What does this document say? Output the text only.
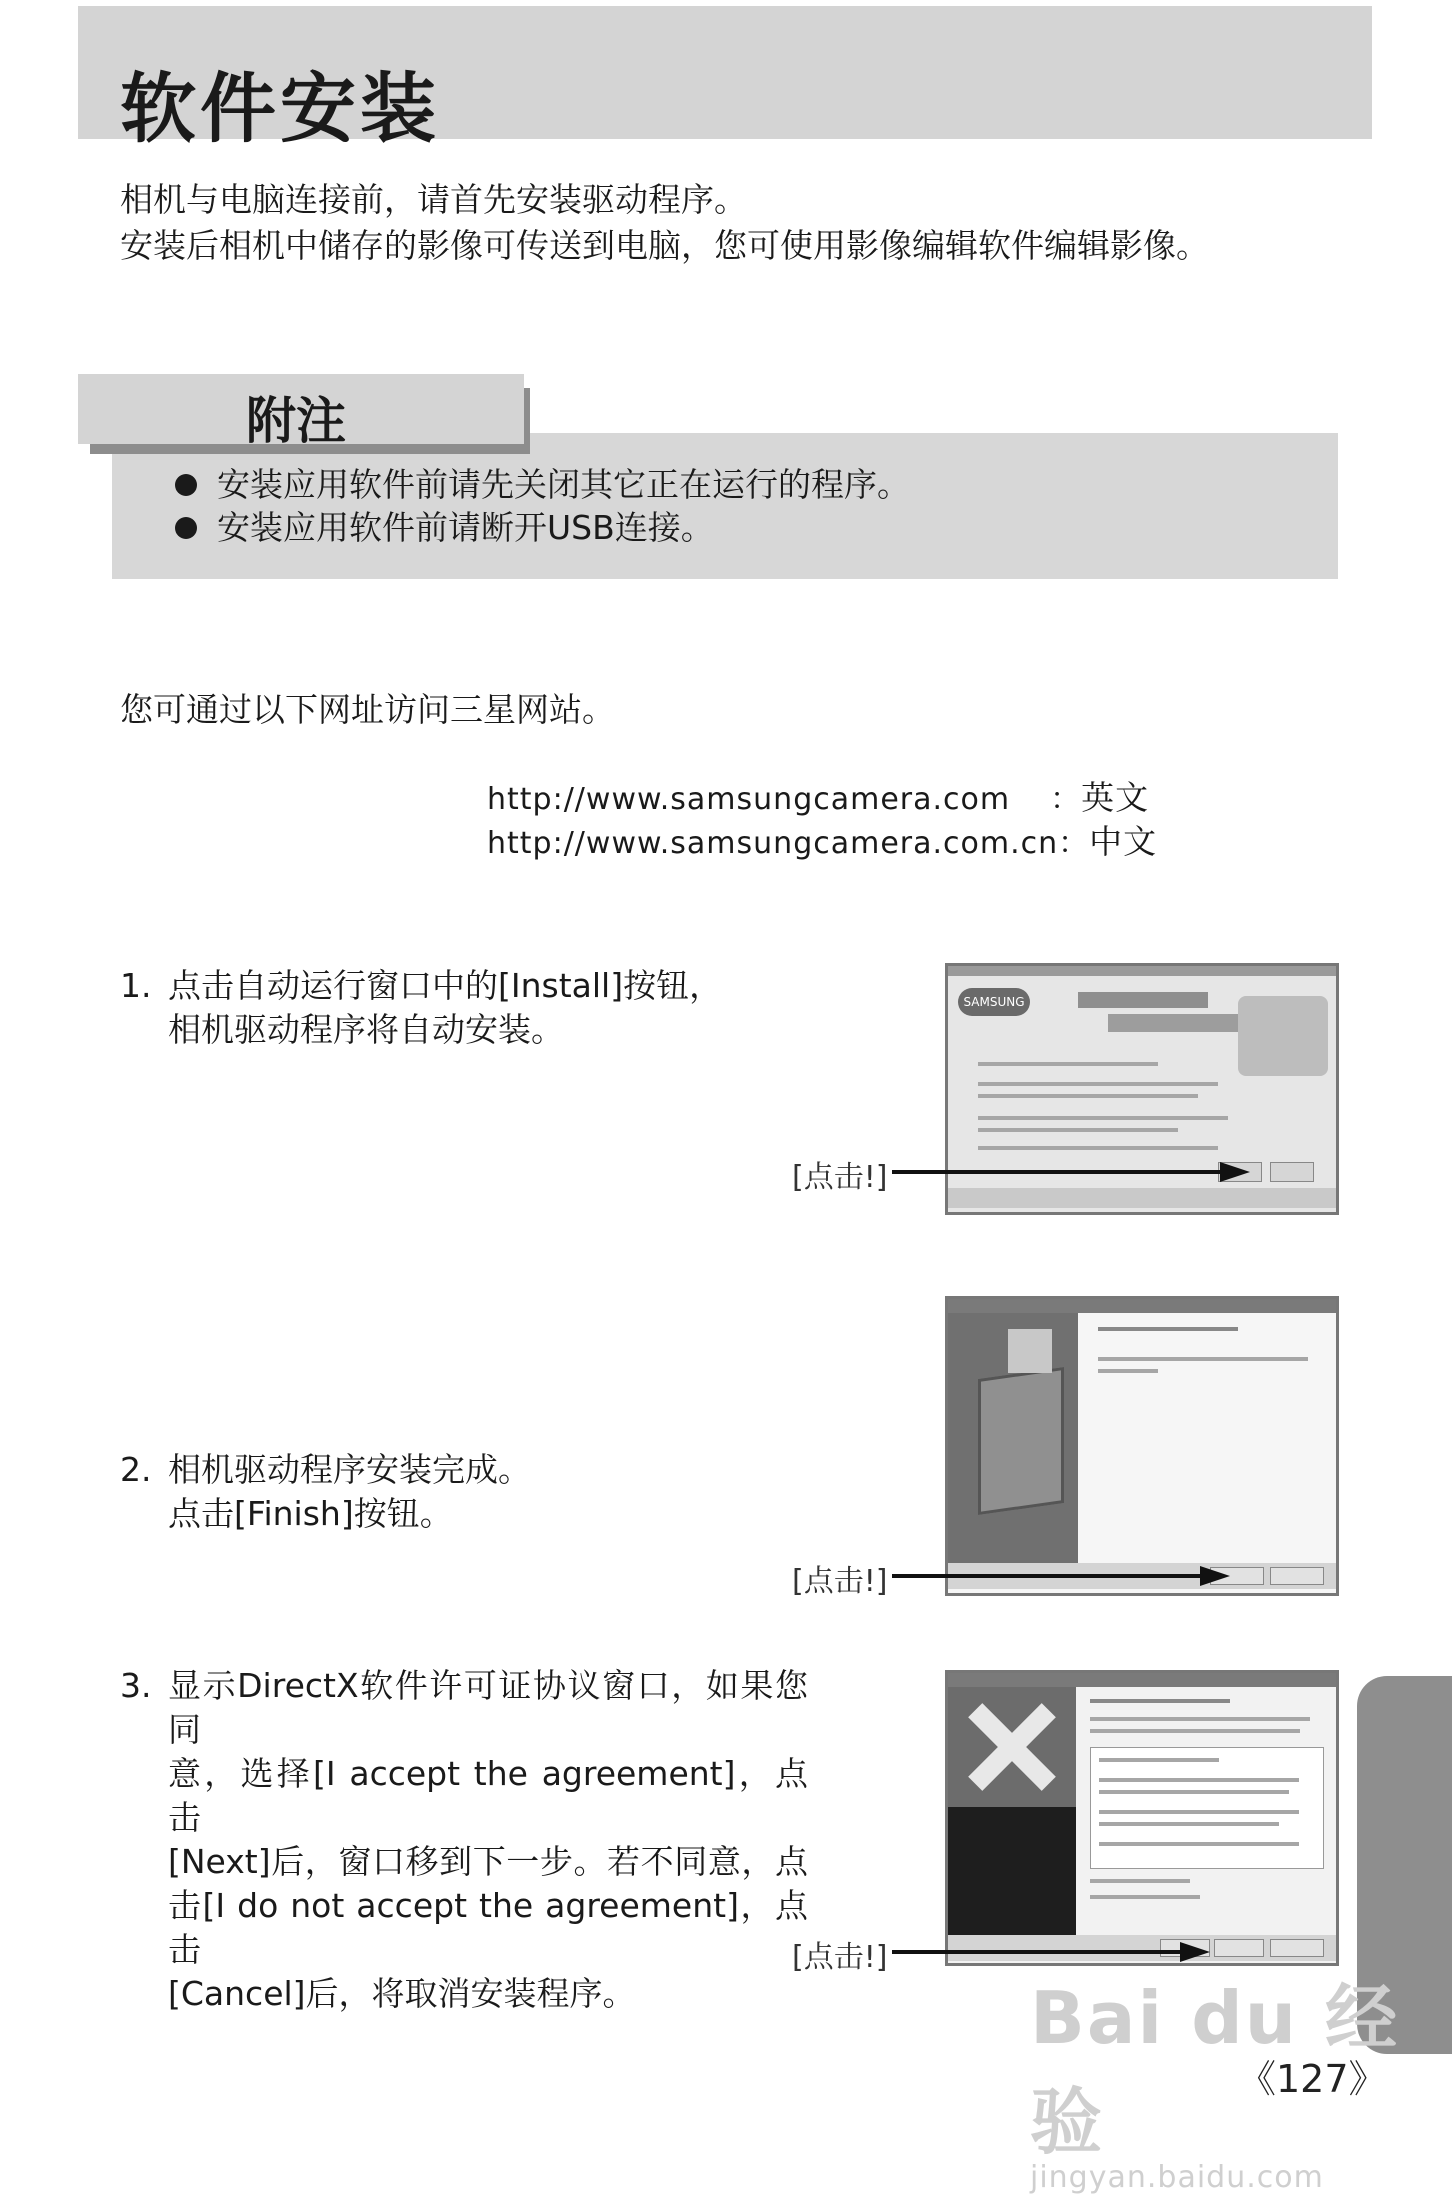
软件安装
相机与电脑连接前，请首先安装驱动程序。
安装后相机中储存的影像可传送到电脑，您可使用影像编辑软件编辑影像。
附注
安装应用软件前请先关闭其它正在运行的程序。
安装应用软件前请断开USB连接。
您可通过以下网址访问三星网站。
http://www.samsungcamera.com ：英文
http://www.samsungcamera.com.cn：中文
1. 点击自动运行窗口中的[Install]按钮，
相机驱动程序将自动安装。
2. 相机驱动程序安装完成。
点击[Finish]按钮。
3. 显示DirectX软件许可证协议窗口，如果您同
意，选择[I accept the agreement]，点击
[Next]后，窗口移到下一步。若不同意，点
击[I do not accept the agreement]，点击
[Cancel]后，将取消安装程序。
SAMSUNG
[点击!]
[点击!]
[点击!]
Bai du 经验
jingyan.baidu.com
《127》
